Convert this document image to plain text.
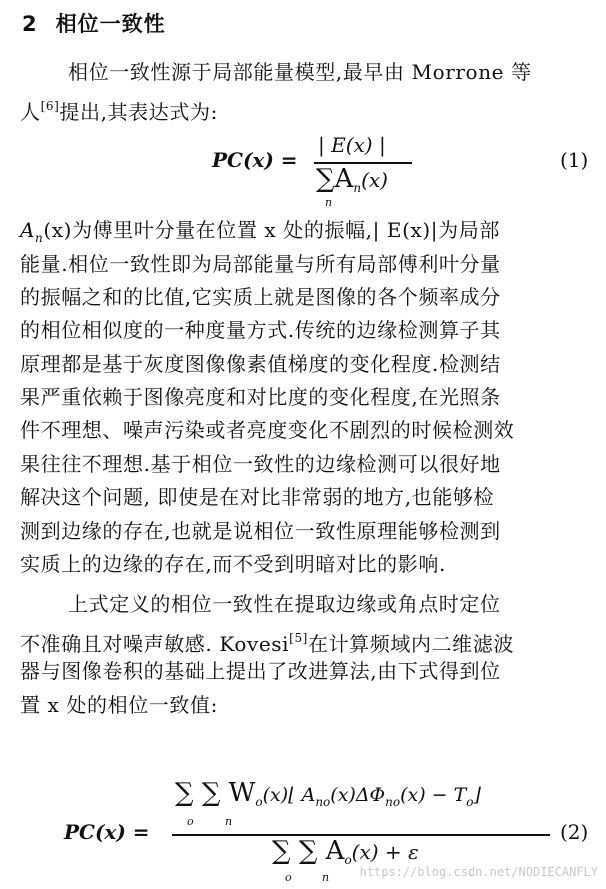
2 相位一致性
相位一致性源于局部能量模型,最早由 Morrone 等
人[6]提出,其表达式为:
PC(x) =
| E(x) |
$\sum A_n(x)$
n
(1)
$A_n(x)$为傅里叶分量在位置 x 处的振幅,| E(x)|为局部
能量.相位一致性即为局部能量与所有局部傅利叶分量
的振幅之和的比值,它实质上就是图像的各个频率成分
的相位相似度的一种度量方式.传统的边缘检测算子其
原理都是基于灰度图像像素值梯度的变化程度.检测结
果严重依赖于图像亮度和对比度的变化程度,在光照条
件不理想、噪声污染或者亮度变化不剧烈的时候检测效
果往往不理想.基于相位一致性的边缘检测可以很好地
解决这个问题, 即使是在对比非常弱的地方,也能够检
测到边缘的存在,也就是说相位一致性原理能够检测到
实质上的边缘的存在,而不受到明暗对比的影响.
上式定义的相位一致性在提取边缘或角点时定位
不准确且对噪声敏感. Kovesi[5]在计算频域内二维滤波
器与图像卷积的基础上提出了改进算法,由下式得到位
置 x 处的相位一致值:
PC(x) =
∑ ∑ $W_o(x)⌊$ $A_{no}(x)\Delta\Phi_{no}(x)$ − $T_o⌋$
o	n
∑ ∑ $A_o(x) + \varepsilon$
o	n
(2)
https://blog.csdn.net/NODIECANFLY
